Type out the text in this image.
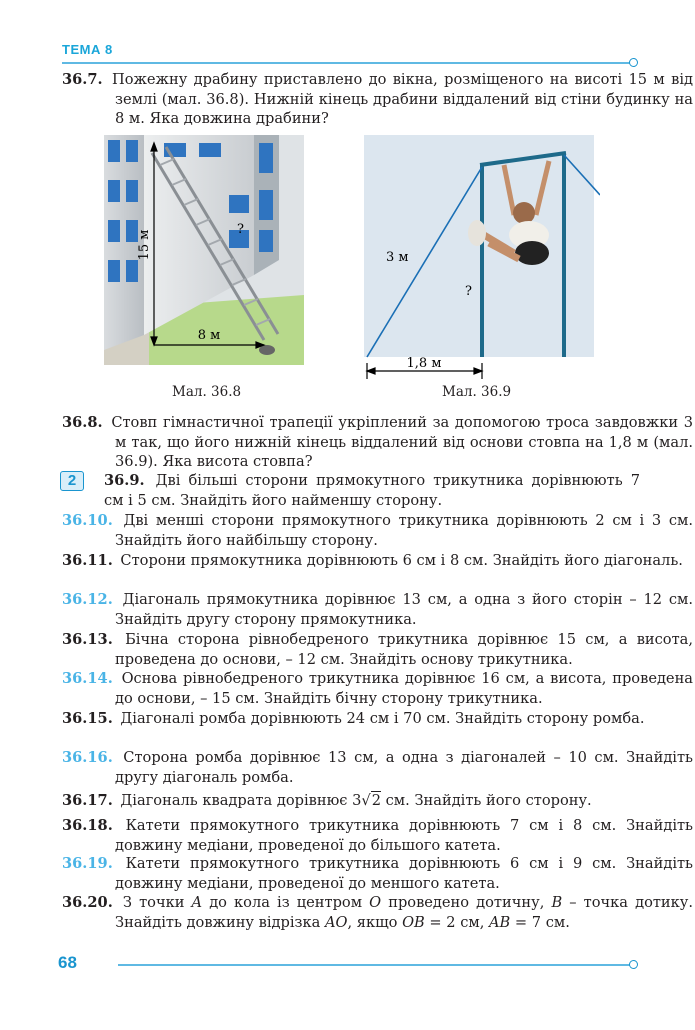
ТЕМА 8
36.7. Пожежну драбину приставлено до вікна, розміщеного на висоті 15 м від землі (мал. 36.8). Нижній кінець драбини віддалений від стіни будинку на 8 м. Яка довжина драбини?
15 м
8 м
?
Мал. 36.8
3 м
1,8 м
?
Мал. 36.9
36.8. Стовп гімнастичної трапеції укріплений за допомогою троса завдовжки 3 м так, що його нижній кінець віддалений від основи стовпа на 1,8 м (мал. 36.9). Яка висота стовпа?
2	36.9. Дві більші сторони прямокутного трикутника дорівнюють 7 см і 5 см. Знайдіть його найменшу сторону.
36.10. Дві менші сторони прямокутного трикутника дорівнюють 2 см і 3 см. Знайдіть його найбільшу сторону.
36.11. Сторони прямокутника дорівнюють 6 см і 8 см. Знайдіть його діагональ.
36.12. Діагональ прямокутника дорівнює 13 см, а одна з його сторін – 12 см. Знайдіть другу сторону прямокутника.
36.13. Бічна сторона рівнобедреного трикутника дорівнює 15 см, а висота, проведена до основи, – 12 см. Знайдіть основу трикутника.
36.14. Основа рівнобедреного трикутника дорівнює 16 см, а висота, проведена до основи, – 15 см. Знайдіть бічну сторону трикутника.
36.15. Діагоналі ромба дорівнюють 24 см і 70 см. Знайдіть сторону ромба.
36.16. Сторона ромба дорівнює 13 см, а одна з діагоналей – 10 см. Знайдіть другу діагональ ромба.
36.17. Діагональ квадрата дорівнює 3√2 см. Знайдіть його сторону.
36.18. Катети прямокутного трикутника дорівнюють 7 см і 8 см. Знайдіть довжину медіани, проведеної до більшого катета.
36.19. Катети прямокутного трикутника дорівнюють 6 см і 9 см. Знайдіть довжину медіани, проведеної до меншого катета.
36.20. З точки A до кола із центром O проведено дотичну, B – точка дотику. Знайдіть довжину відрізка AO, якщо OB = 2 см, AB = 7 см.
68
